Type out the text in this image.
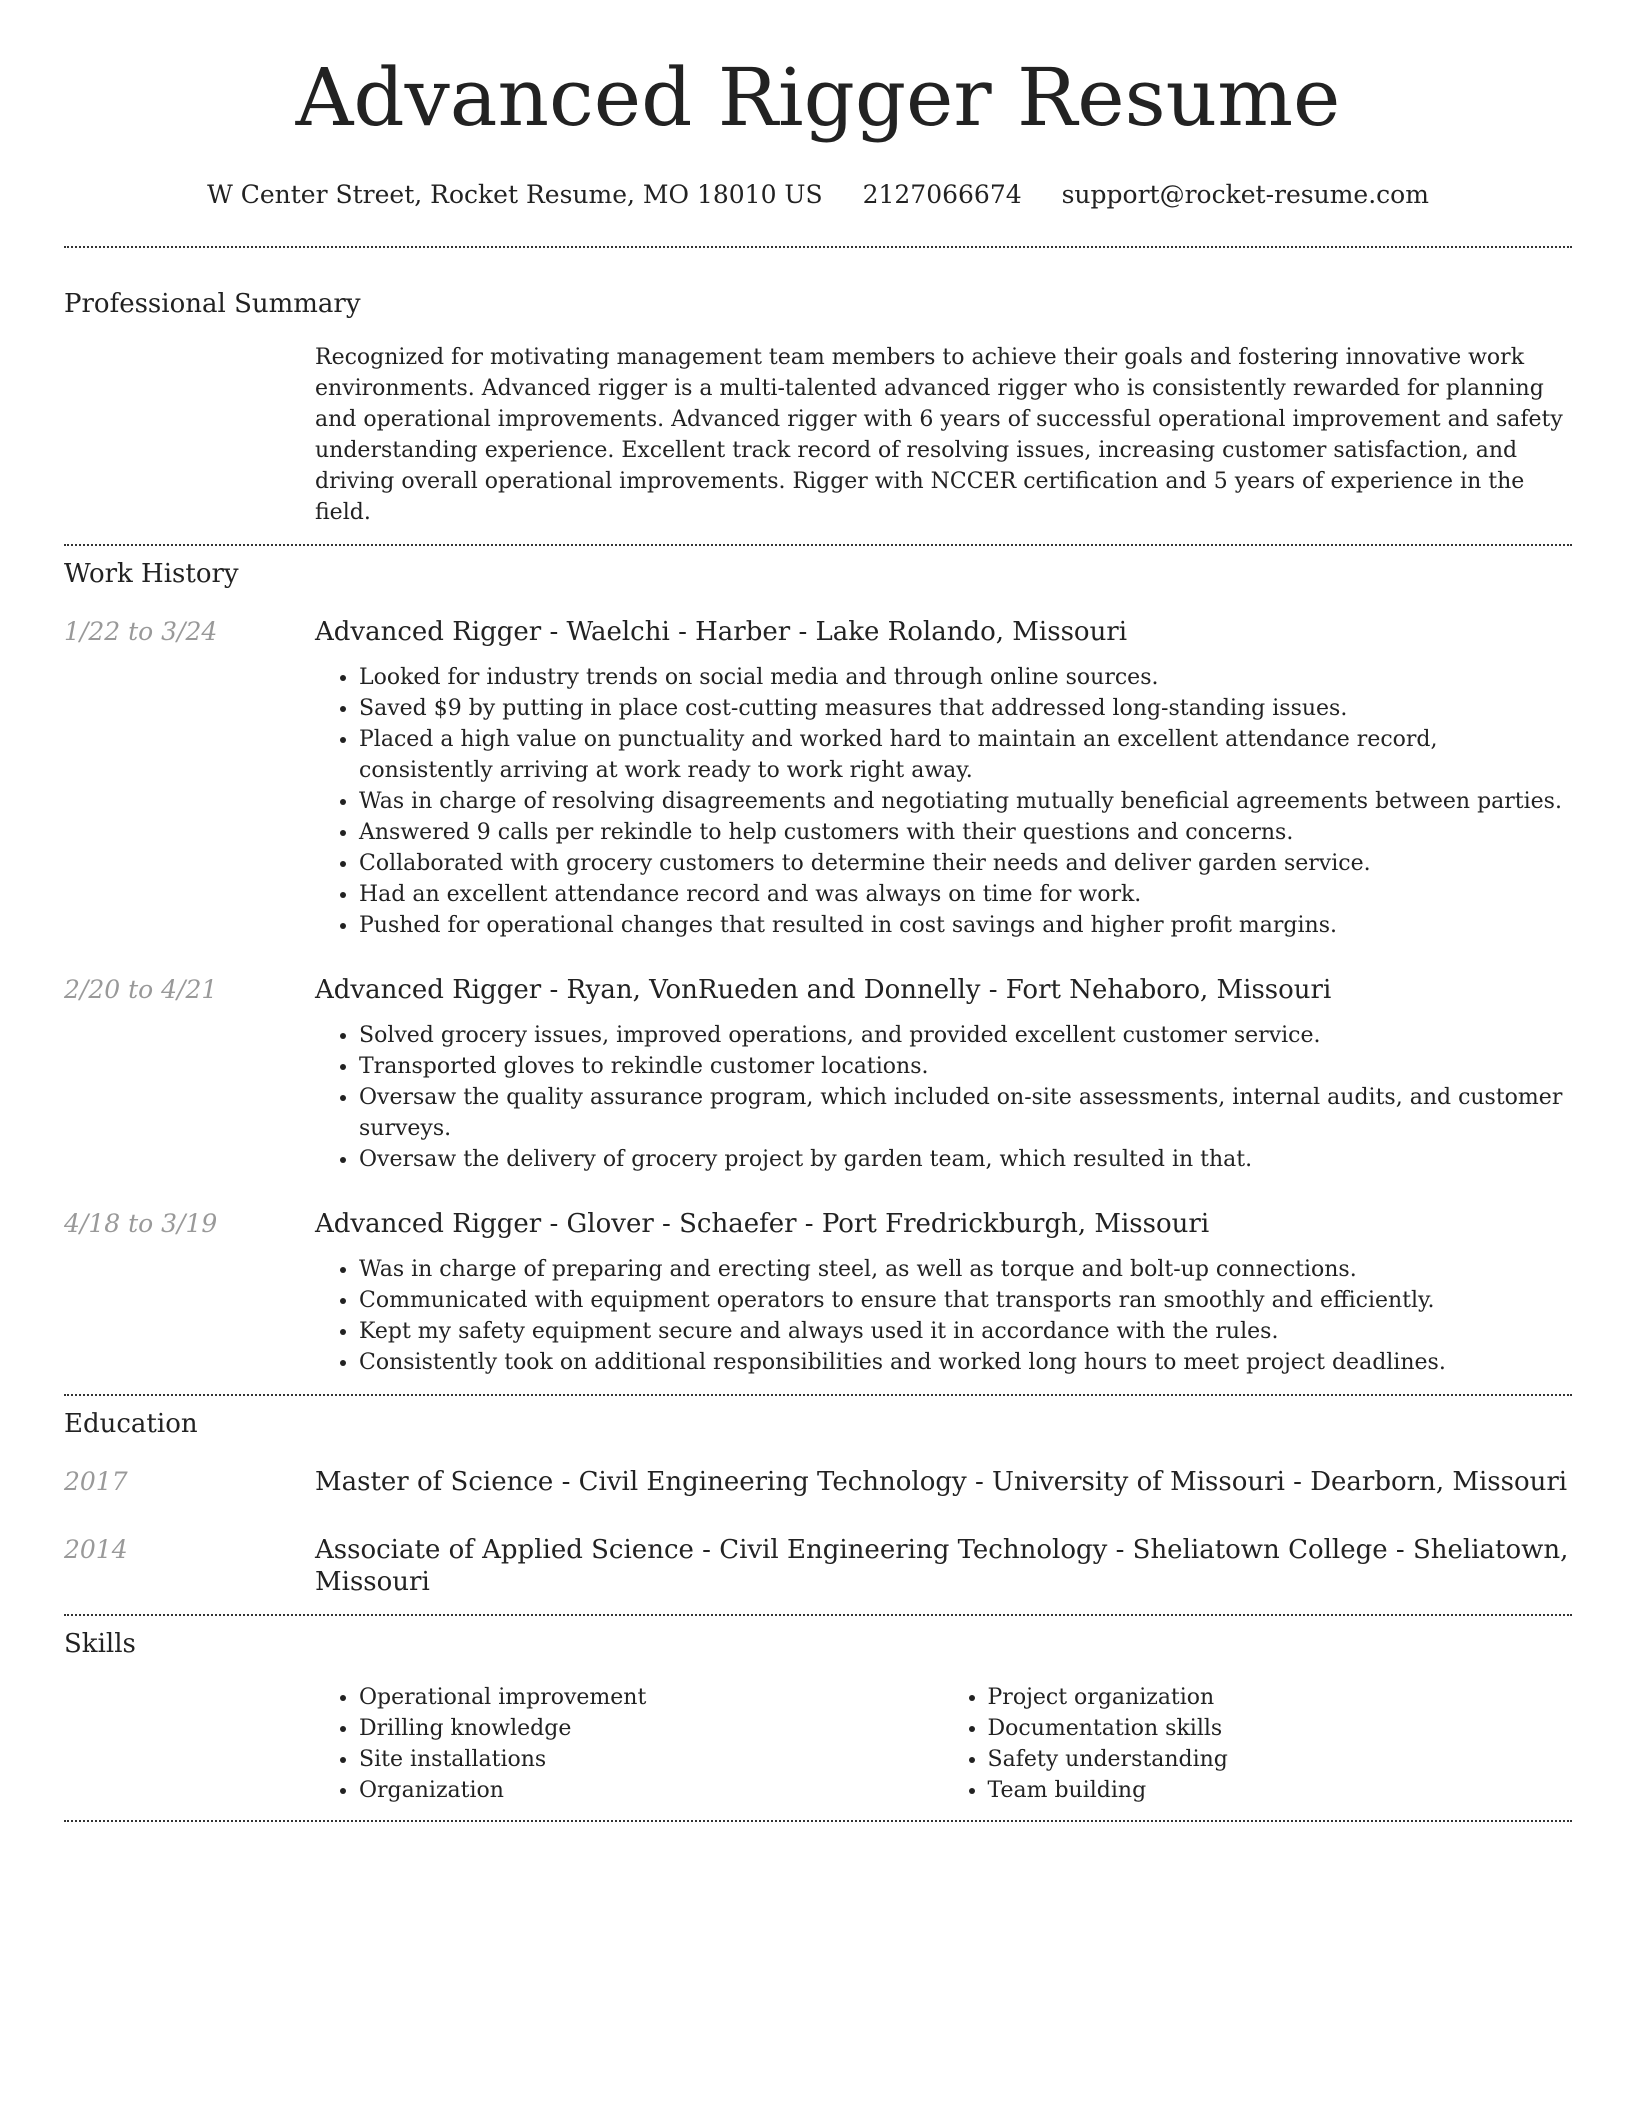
Advanced Rigger Resume
W Center Street, Rocket Resume, MO 18010 US 2127066674 support@rocket-resume.com
Professional Summary

Recognized for motivating management team members to achieve their goals and fostering innovative work environments. Advanced rigger is a multi-talented advanced rigger who is consistently rewarded for planning and operational improvements. Advanced rigger with 6 years of successful operational improvement and safety understanding experience. Excellent track record of resolving issues, increasing customer satisfaction, and driving overall operational improvements. Rigger with NCCER certification and 5 years of experience in the field.

Work History
1/22 to 3/24	Advanced Rigger - Waelchi - Harber - Lake Rolando, Missouri
• Looked for industry trends on social media and through online sources.
• Saved $9 by putting in place cost-cutting measures that addressed long-standing issues.
• Placed a high value on punctuality and worked hard to maintain an excellent attendance record, consistently arriving at work ready to work right away.
• Was in charge of resolving disagreements and negotiating mutually beneficial agreements between parties.
• Answered 9 calls per rekindle to help customers with their questions and concerns.
• Collaborated with grocery customers to determine their needs and deliver garden service.
• Had an excellent attendance record and was always on time for work.
• Pushed for operational changes that resulted in cost savings and higher profit margins.
2/20 to 4/21	Advanced Rigger - Ryan, VonRueden and Donnelly - Fort Nehaboro, Missouri
• Solved grocery issues, improved operations, and provided excellent customer service.
• Transported gloves to rekindle customer locations.
• Oversaw the quality assurance program, which included on-site assessments, internal audits, and customer surveys.
• Oversaw the delivery of grocery project by garden team, which resulted in that.
4/18 to 3/19	Advanced Rigger - Glover - Schaefer - Port Fredrickburgh, Missouri
• Was in charge of preparing and erecting steel, as well as torque and bolt-up connections.
• Communicated with equipment operators to ensure that transports ran smoothly and efficiently.
• Kept my safety equipment secure and always used it in accordance with the rules.
• Consistently took on additional responsibilities and worked long hours to meet project deadlines.
Education
2017	Master of Science - Civil Engineering Technology - University of Missouri - Dearborn, Missouri
2014	Associate of Applied Science - Civil Engineering Technology - Sheliatown College - Sheliatown, Missouri
Skills
• Operational improvement
• Drilling knowledge
• Site installations
• Organization
• Project organization
• Documentation skills
• Safety understanding
• Team building
